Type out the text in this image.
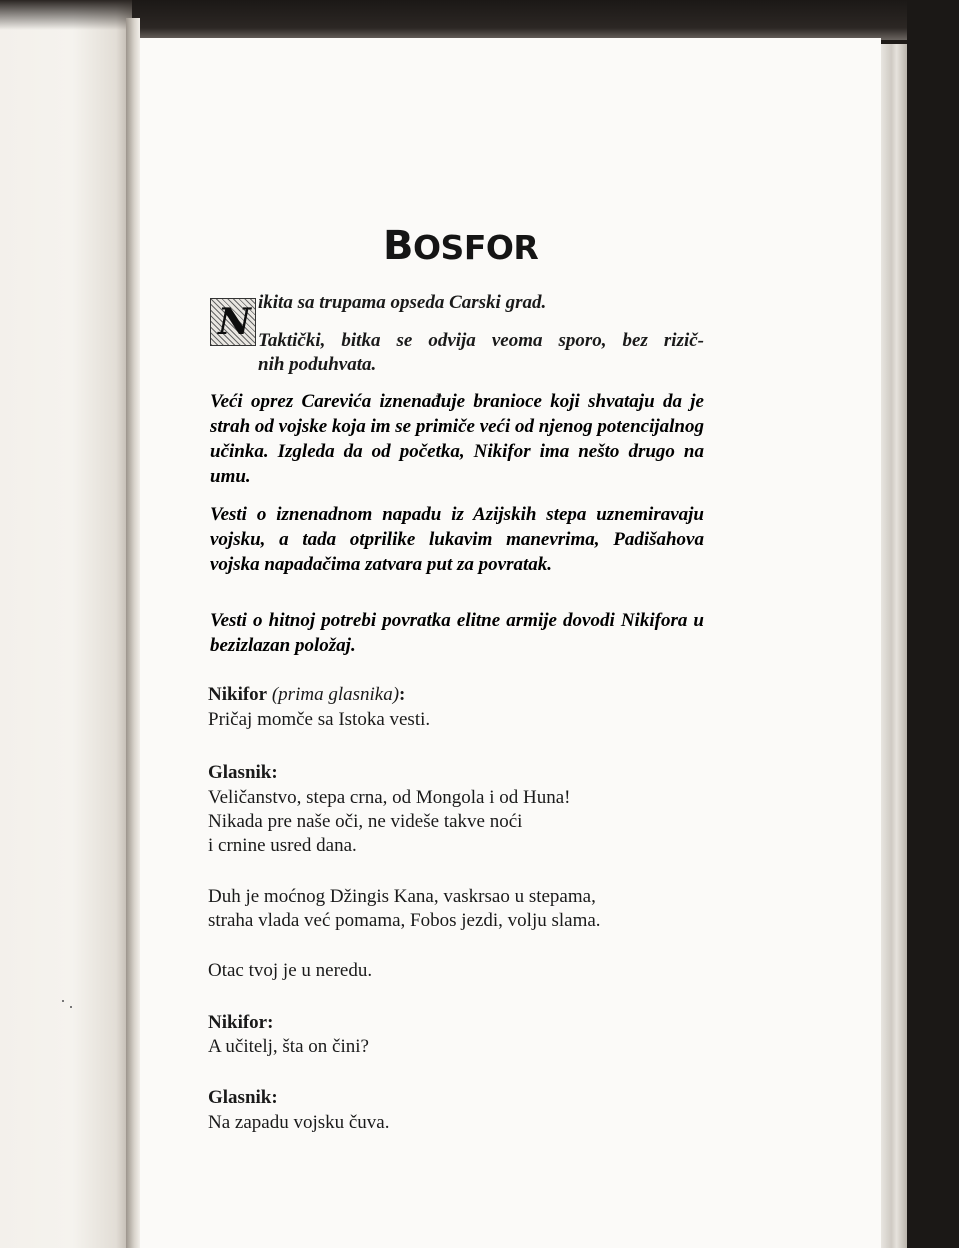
BOSFOR
N ikita sa trupama opseda Carski grad.
Taktički, bitka se odvija veoma sporo, bez rizič-
nih poduhvata.

Veći oprez Carevića iznenađuje branioce koji shvataju da je strah od vojske koja im se primiče veći od njenog potencijalnog učinka. Izgleda da od početka, Nikifor ima nešto drugo na umu.

Vesti o iznenadnom napadu iz Azijskih stepa uznemiravaju vojsku, a tada otprilike lukavim manevrima, Padišahova vojska napadačima zatvara put za povratak.

Vesti o hitnoj potrebi povratka elitne armije dovodi Nikifora u bezizlazan položaj.

Nikifor (prima glasnika):
Pričaj momče sa Istoka vesti.
Glasnik:
Veličanstvo, stepa crna, od Mongola i od Huna!
Nikada pre naše oči, ne videše takve noći
i crnine usred dana.
Duh je moćnog Džingis Kana, vaskrsao u stepama,
straha vlada već pomama, Fobos jezdi, volju slama.
Otac tvoj je u neredu.
Nikifor:
A učitelj, šta on čini?
Glasnik:
Na zapadu vojsku čuva.
